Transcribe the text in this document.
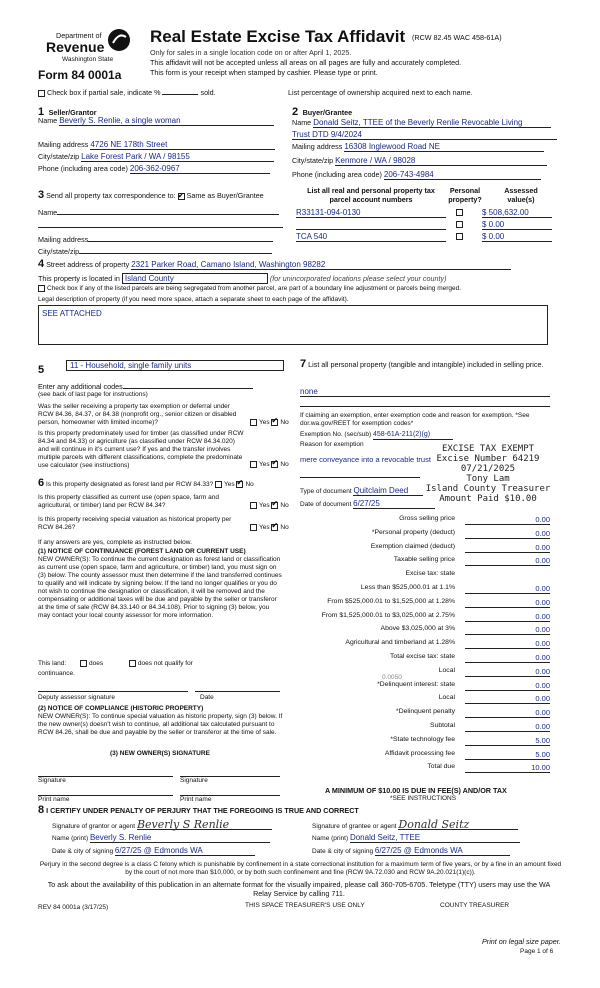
Department of
Revenue
Washington State
Form 84 0001a
Real Estate Excise Tax Affidavit (RCW 82.45 WAC 458-61A)
Only for sales in a single location code on or after April 1, 2025.
This affidavit will not be accepted unless all areas on all pages are fully and accurately completed.
This form is your receipt when stamped by cashier. Please type or print.
Check box if partial sale, indicate %	sold.	List percentage of ownership acquired next to each name.
1 Seller/Grantor
Name Beverly S. Renlie, a single woman
Mailing address 4726 NE 178th Street
City/state/zip Lake Forest Park / WA / 98155
Phone (including area code) 206-362-0967
2 Buyer/Grantee
Name Donald Seitz, TTEE of the Beverly Renlie Revocable Living
Trust DTD 9/4/2024
Mailing address 16308 Inglewood Road NE
City/state/zip Kenmore / WA / 98028
Phone (including area code) 206-743-4984
3 Send all property tax correspondence to: ✔ Same as Buyer/Grantee
Name
Mailing address
City/state/zip
List all real and personal property tax parcel account numbers
Personal property?
Assessed value(s)
R33131-094-0130	$ 508,632.00
$ 0.00
TCA 540	$ 0.00
4 Street address of property 2321 Parker Road, Camano Island, Washington 98282
This property is located in Island County	(for unincorporated locations please select your county)
Check box if any of the listed parcels are being segregated from another parcel, are part of a boundary line adjustment or parcels being merged.
Legal description of property (if you need more space, attach a separate sheet to each page of the affidavit).
SEE ATTACHED
5	11 - Household, single family units
Enter any additional codes
(see back of last page for instructions)
Was the seller receiving a property tax exemption or deferral under RCW 84.36, 84.37, or 84.38 (nonprofit org., senior citizen or disabled person, homeowner with limited income)?	Yes ✔ No
Is this property predominately used for timber (as classified under RCW 84.34 and 84.33) or agriculture (as classified under RCW 84.34.020) and will continue in it's current use? If yes and the transfer involves multiple parcels with different classifications, complete the predominate use calculator (see instructions)	Yes ✔ No
6 Is this property designated as forest land per RCW 84.33? Yes ✔ No
Is this property classified as current use (open space, farm and agricultural, or timber) land per RCW 84.34?	Yes ✔ No
Is this property receiving special valuation as historical property per RCW 84.26?	Yes ✔ No
If any answers are yes, complete as instructed below.
(1) NOTICE OF CONTINUANCE (FOREST LAND OR CURRENT USE)
NEW OWNER(S): To continue the current designation as forest land or classification as current use (open space, farm and agriculture, or timber) land, you must sign on (3) below. The county assessor must then determine if the land transferred continues to qualify and will indicate by signing below. If the land no longer qualifies or you do not wish to continue the designation or classification, it will be removed and the compensating or additional taxes will be due and payable by the seller or transferor at the time of sale (RCW 84.33.140 or 84.34.108). Prior to signing (3) below, you may contact your local county assessor for more information.
This land:	does	does not qualify for
continuance.
Deputy assessor signature	Date
(2) NOTICE OF COMPLIANCE (HISTORIC PROPERTY)
NEW OWNER(S): To continue special valuation as historic property, sign (3) below. If the new owner(s) doesn't wish to continue, all additional tax calculated pursuant to RCW 84.26, shall be due and payable by the seller or transferor at the time of sale.
(3) NEW OWNER(S) SIGNATURE
Signature	Signature
Print name	Print name
7 List all personal property (tangible and intangible) included in selling price.
none
If claiming an exemption, enter exemption code and reason for exemption. *See dor.wa.gov/REET for exemption codes*
Exemption No. (sec/sub) 458-61A-211(2)(g)
Reason for exemption
mere conveyance into a revocable trust
Type of document Quitclaim Deed
Date of document 6/27/25
EXCISE TAX EXEMPT
Excise Number 64219
07/21/2025
Tony Lam
Island County Treasurer
Amount Paid $10.00
Gross selling price	0.00
*Personal property (deduct)	0.00
Exemption claimed (deduct)	0.00
Taxable selling price	0.00
Excise tax: state
Less than $525,000.01 at 1.1%	0.00
From $525,000.01 to $1,525,000 at 1.28%	0.00
From $1,525,000.01 to $3,025,000 at 2.75%	0.00
Above $3,025,000 at 3%	0.00
Agricultural and timberland at 1.28%	0.00
Total excise tax: state	0.00
Local	0.00
*Delinquent interest: state	0.00
Local	0.00
*Delinquent penalty	0.00
Subtotal	0.00
*State technology fee	5.00
Affidavit processing fee	5.00
Total due	10.00
0.0050
A MINIMUM OF $10.00 IS DUE IN FEE(S) AND/OR TAX
*SEE INSTRUCTIONS
8 I CERTIFY UNDER PENALTY OF PERJURY THAT THE FOREGOING IS TRUE AND CORRECT
Signature of grantor or agent Beverly S Renlie
Name (print) Beverly S. Renlie
Date & city of signing 6/27/25 @ Edmonds WA
Signature of grantee or agent Donald Seitz
Name (print) Donald Seitz, TTEE
Date & city of signing 6/27/25 @ Edmonds WA
Perjury in the second degree is a class C felony which is punishable by confinement in a state correctional institution for a maximum term of five years, or by a fine in an amount fixed by the court of not more than $10,000, or by both such confinement and fine (RCW 9A.72.030 and RCW 9A.20.021(1)(c)).
To ask about the availability of this publication in an alternate format for the visually impaired, please call 360-705-6705. Teletype (TTY) users may use the WA Relay Service by calling 711.
REV 84 0001a (3/17/25)	THIS SPACE TREASURER'S USE ONLY	COUNTY TREASURER
Print on legal size paper.
Page 1 of 6
